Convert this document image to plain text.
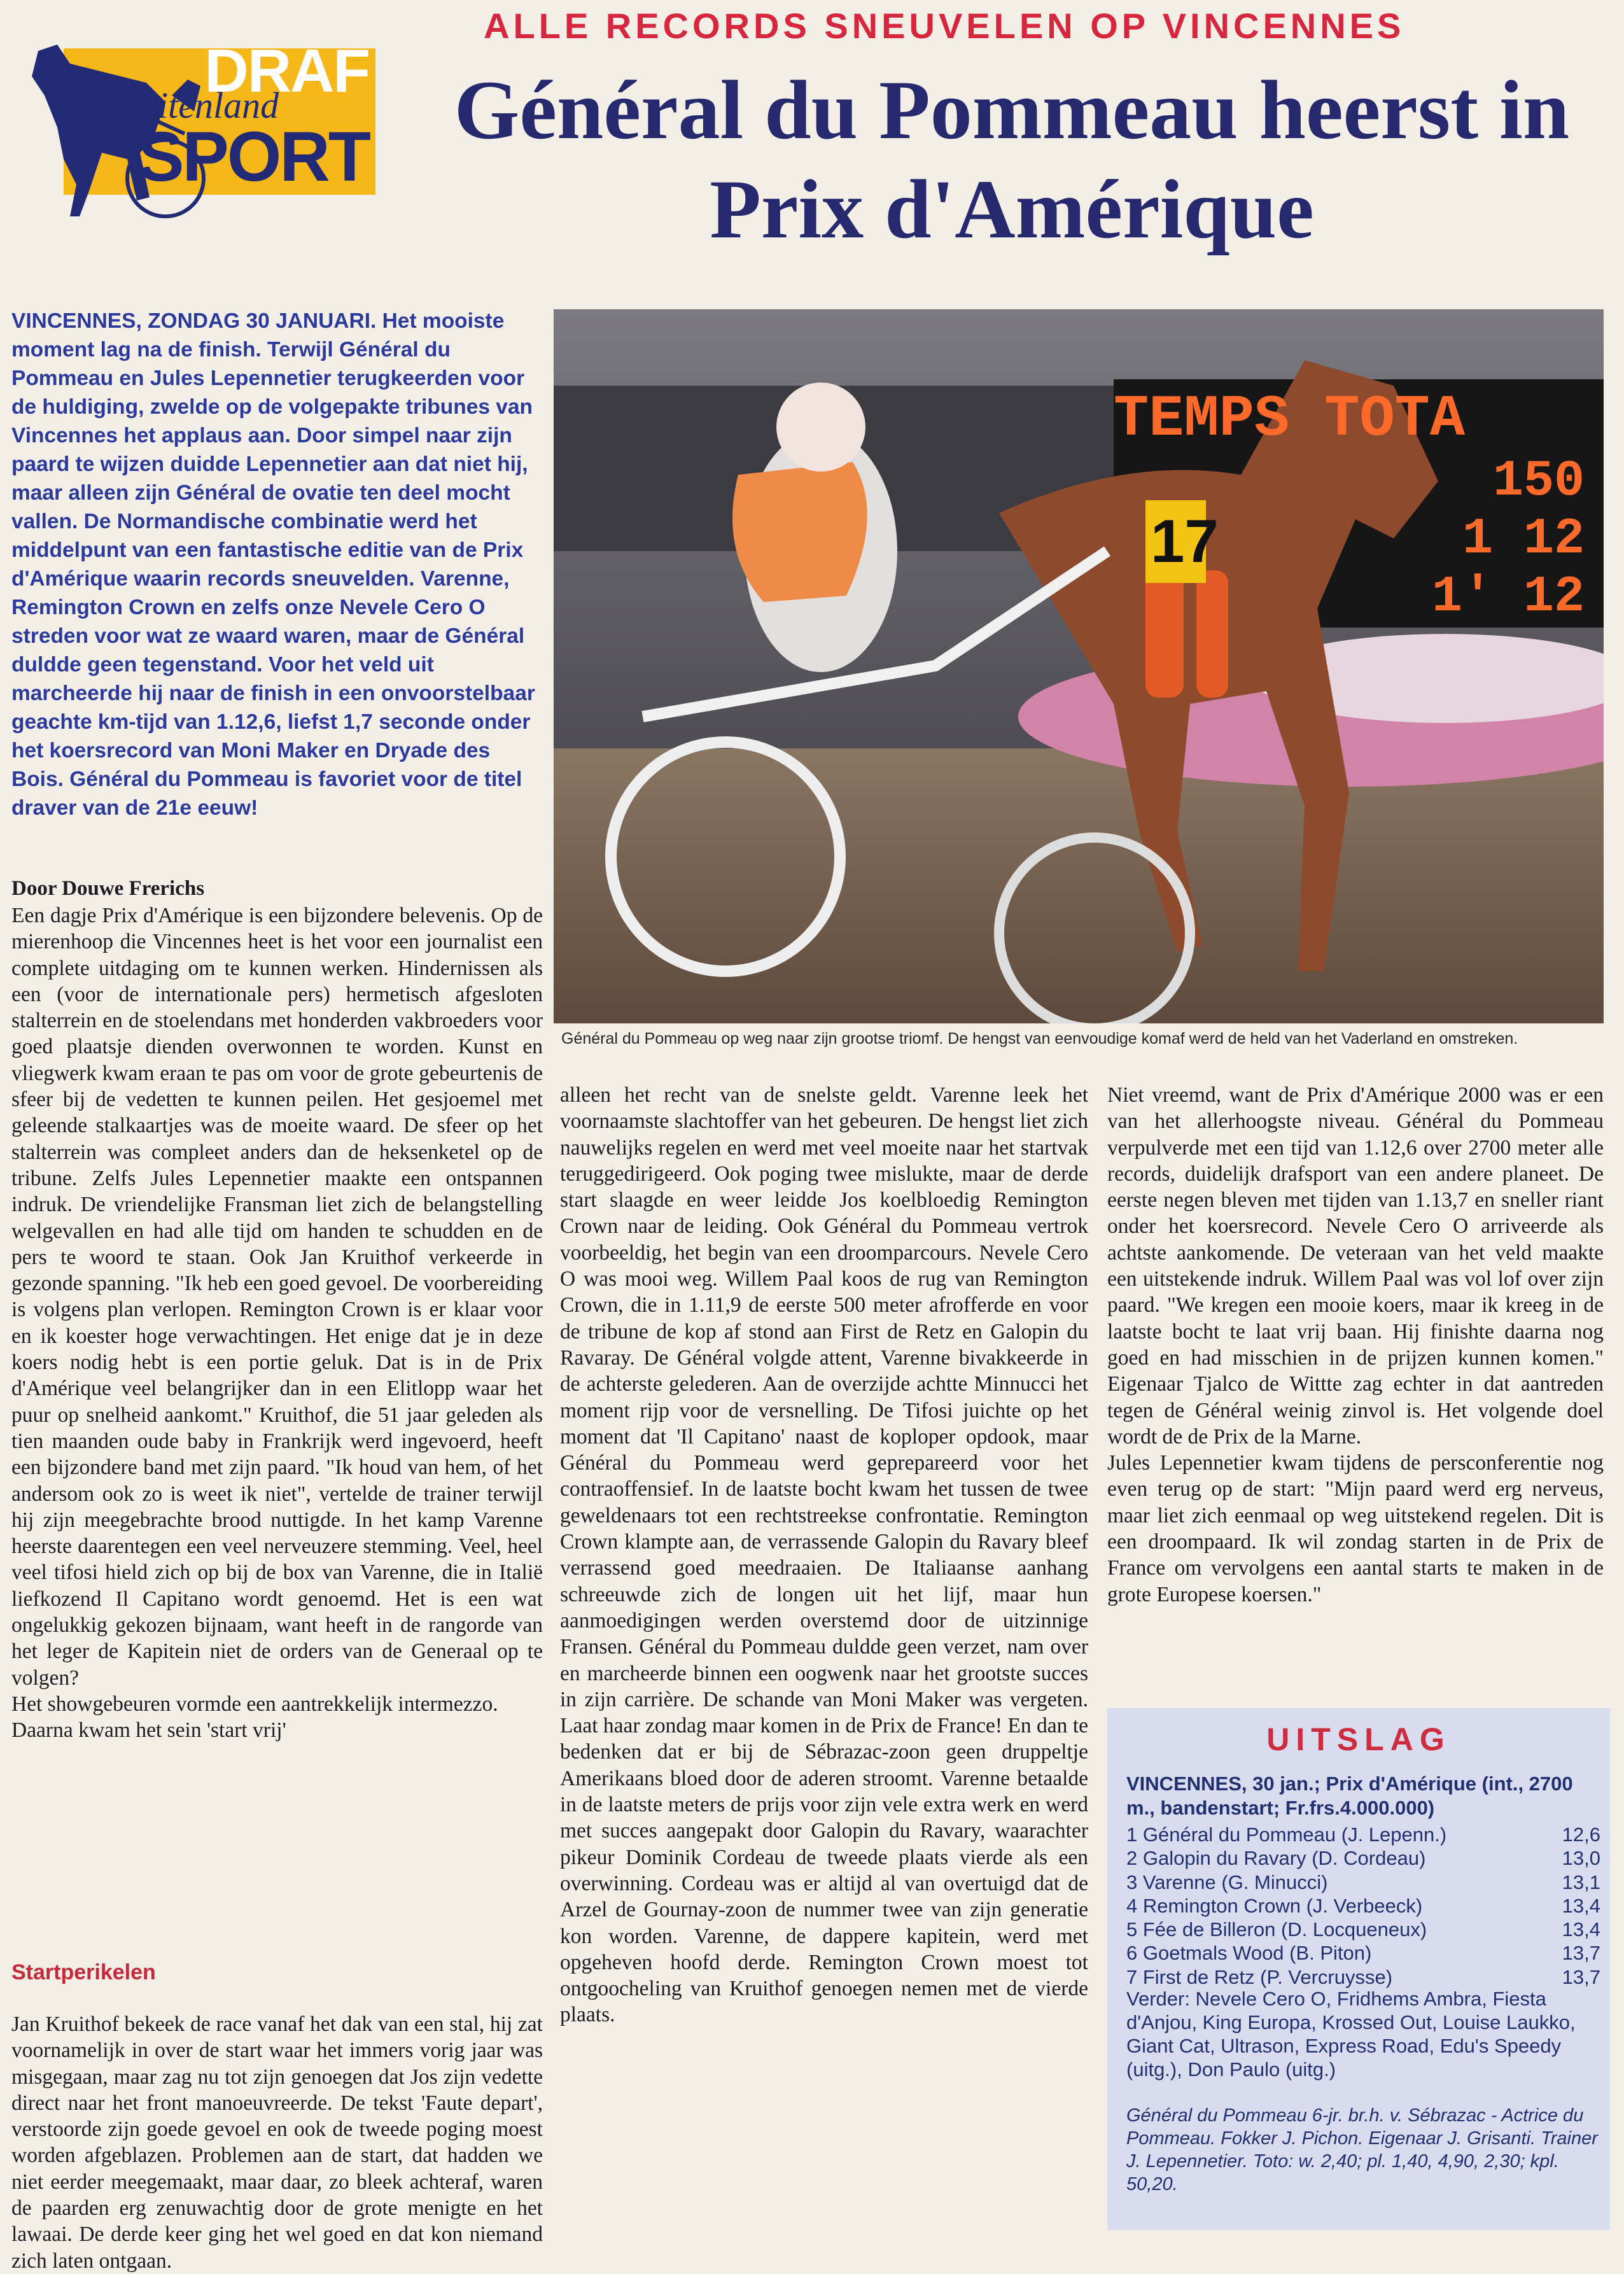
DRAF
buitenland
SPORT
ALLE RECORDS SNEUVELEN OP VINCENNES
Général du Pommeau heerst in
Prix d'Amérique
VINCENNES, ZONDAG 30 JANUARI. Het mooiste moment lag na de finish. Terwijl Général du Pommeau en Jules Lepennetier terugkeerden voor de huldiging, zwelde op de volgepakte tribunes van Vincennes het applaus aan. Door simpel naar zijn paard te wijzen duidde Lepennetier aan dat niet hij, maar alleen zijn Général de ovatie ten deel mocht vallen. De Normandische combinatie werd het middelpunt van een fantastische editie van de Prix d'Amérique waarin records sneuvelden. Varenne, Remington Crown en zelfs onze Nevele Cero O streden voor wat ze waard waren, maar de Général duldde geen tegenstand. Voor het veld uit marcheerde hij naar de finish in een onvoorstelbaar geachte km-tijd van 1.12,6, liefst 1,7 seconde onder het koersrecord van Moni Maker en Dryade des Bois. Général du Pommeau is favoriet voor de titel draver van de 21e eeuw!
TEMPS TOTA
150
1 12
1' 12
17
Général du Pommeau op weg naar zijn grootse triomf. De hengst van eenvoudige komaf werd de held van het Vaderland en omstreken.
Door Douwe Frerichs

Een dagje Prix d'Amérique is een bijzondere belevenis. Op de mierenhoop die Vincennes heet is het voor een journalist een complete uitdaging om te kunnen werken. Hindernissen als een (voor de internationale pers) hermetisch afgesloten stalterrein en de stoelendans met honderden vakbroeders voor goed plaatsje dienden overwonnen te worden. Kunst en vliegwerk kwam eraan te pas om voor de grote gebeurtenis de sfeer bij de vedetten te kunnen peilen. Het gesjoemel met geleende stalkaartjes was de moeite waard. De sfeer op het stalterrein was compleet anders dan de heksenketel op de tribune. Zelfs Jules Lepennetier maakte een ontspannen indruk. De vriendelijke Fransman liet zich de belangstelling welgevallen en had alle tijd om handen te schudden en de pers te woord te staan. Ook Jan Kruithof verkeerde in gezonde spanning. "Ik heb een goed gevoel. De voorbereiding is volgens plan verlopen. Remington Crown is er klaar voor en ik koester hoge verwachtingen. Het enige dat je in deze koers nodig hebt is een portie geluk. Dat is in de Prix d'Amérique veel belangrijker dan in een Elitlopp waar het puur op snelheid aankomt." Kruithof, die 51 jaar geleden als tien maanden oude baby in Frankrijk werd ingevoerd, heeft een bijzondere band met zijn paard. "Ik houd van hem, of het andersom ook zo is weet ik niet", vertelde de trainer terwijl hij zijn meegebrachte brood nuttigde. In het kamp Varenne heerste daarentegen een veel nerveuzere stemming. Veel, heel veel tifosi hield zich op bij de box van Varenne, die in Italië liefkozend Il Capitano wordt genoemd. Het is een wat ongelukkig gekozen bijnaam, want heeft in de rangorde van het leger de Kapitein niet de orders van de Generaal op te volgen?

Het showgebeuren vormde een aantrekkelijk intermezzo. Daarna kwam het sein 'start vrij'

Startperikelen

Jan Kruithof bekeek de race vanaf het dak van een stal, hij zat voornamelijk in over de start waar het immers vorig jaar was misgegaan, maar zag nu tot zijn genoegen dat Jos zijn vedette direct naar het front manoeuvreerde. De tekst 'Faute depart', verstoorde zijn goede gevoel en ook de tweede poging moest worden afgeblazen. Problemen aan de start, dat hadden we niet eerder meegemaakt, maar daar, zo bleek achteraf, waren de paarden erg zenuwachtig door de grote menigte en het lawaai. De derde keer ging het wel goed en dat kon niemand zich laten ontgaan.

alleen het recht van de snelste geldt. Varenne leek het voornaamste slachtoffer van het gebeuren. De hengst liet zich nauwelijks regelen en werd met veel moeite naar het startvak teruggedirigeerd. Ook poging twee mislukte, maar de derde start slaagde en weer leidde Jos koelbloedig Remington Crown naar de leiding. Ook Général du Pommeau vertrok voorbeeldig, het begin van een droomparcours. Nevele Cero O was mooi weg. Willem Paal koos de rug van Remington Crown, die in 1.11,9 de eerste 500 meter afrofferde en voor de tribune de kop af stond aan First de Retz en Galopin du Ravaray. De Général volgde attent, Varenne bivakkeerde in de achterste gelederen. Aan de overzijde achtte Minnucci het moment rijp voor de versnelling. De Tifosi juichte op het moment dat 'Il Capitano' naast de koploper opdook, maar Général du Pommeau werd geprepareerd voor het contraoffensief. In de laatste bocht kwam het tussen de twee geweldenaars tot een rechtstreekse confrontatie. Remington Crown klampte aan, de verrassende Galopin du Ravary bleef verrassend goed meedraaien. De Italiaanse aanhang schreeuwde zich de longen uit het lijf, maar hun aanmoedigingen werden overstemd door de uitzinnige Fransen. Général du Pommeau duldde geen verzet, nam over en marcheerde binnen een oogwenk naar het grootste succes in zijn carrière. De schande van Moni Maker was vergeten. Laat haar zondag maar komen in de Prix de France! En dan te bedenken dat er bij de Sébrazac-zoon geen druppeltje Amerikaans bloed door de aderen stroomt. Varenne betaalde in de laatste meters de prijs voor zijn vele extra werk en werd met succes aangepakt door Galopin du Ravary, waarachter pikeur Dominik Cordeau de tweede plaats vierde als een overwinning. Cordeau was er altijd al van overtuigd dat de Arzel de Gournay-zoon de nummer twee van zijn generatie kon worden. Varenne, de dappere kapitein, werd met opgeheven hoofd derde. Remington Crown moest tot ontgoocheling van Kruithof genoegen nemen met de vierde plaats.

Niet vreemd, want de Prix d'Amérique 2000 was er een van het allerhoogste niveau. Général du Pommeau verpulverde met een tijd van 1.12,6 over 2700 meter alle records, duidelijk drafsport van een andere planeet. De eerste negen bleven met tijden van 1.13,7 en sneller riant onder het koersrecord. Nevele Cero O arriveerde als achtste aankomende. De veteraan van het veld maakte een uitstekende indruk. Willem Paal was vol lof over zijn paard. "We kregen een mooie koers, maar ik kreeg in de laatste bocht te laat vrij baan. Hij finishte daarna nog goed en had misschien in de prijzen kunnen komen." Eigenaar Tjalco de Wittte zag echter in dat aantreden tegen de Général weinig zinvol is. Het volgende doel wordt de de Prix de la Marne.

Jules Lepennetier kwam tijdens de persconferentie nog even terug op de start: "Mijn paard werd erg nerveus, maar liet zich eenmaal op weg uitstekend regelen. Dit is een droompaard. Ik wil zondag starten in de Prix de France om vervolgens een aantal starts te maken in de grote Europese koersen."

UITSLAG
VINCENNES, 30 jan.; Prix d'Amérique (int., 2700 m., bandenstart; Fr.frs.4.000.000)
1 Général du Pommeau (J. Lepenn.)	12,6
2 Galopin du Ravary (D. Cordeau)	13,0
3 Varenne (G. Minucci)	13,1
4 Remington Crown (J. Verbeeck)	13,4
5 Fée de Billeron (D. Locqueneux)	13,4
6 Goetmals Wood (B. Piton)	13,7
7 First de Retz (P. Vercruysse)	13,7
Verder: Nevele Cero O, Fridhems Ambra, Fiesta d'Anjou, King Europa, Krossed Out, Louise Laukko, Giant Cat, Ultrason, Express Road, Edu's Speedy (uitg.), Don Paulo (uitg.)
Général du Pommeau 6-jr. br.h. v. Sébrazac - Actrice du Pommeau. Fokker J. Pichon. Eigenaar J. Grisanti. Trainer J. Lepennetier. Toto: w. 2,40; pl. 1,40, 4,90, 2,30; kpl. 50,20.
